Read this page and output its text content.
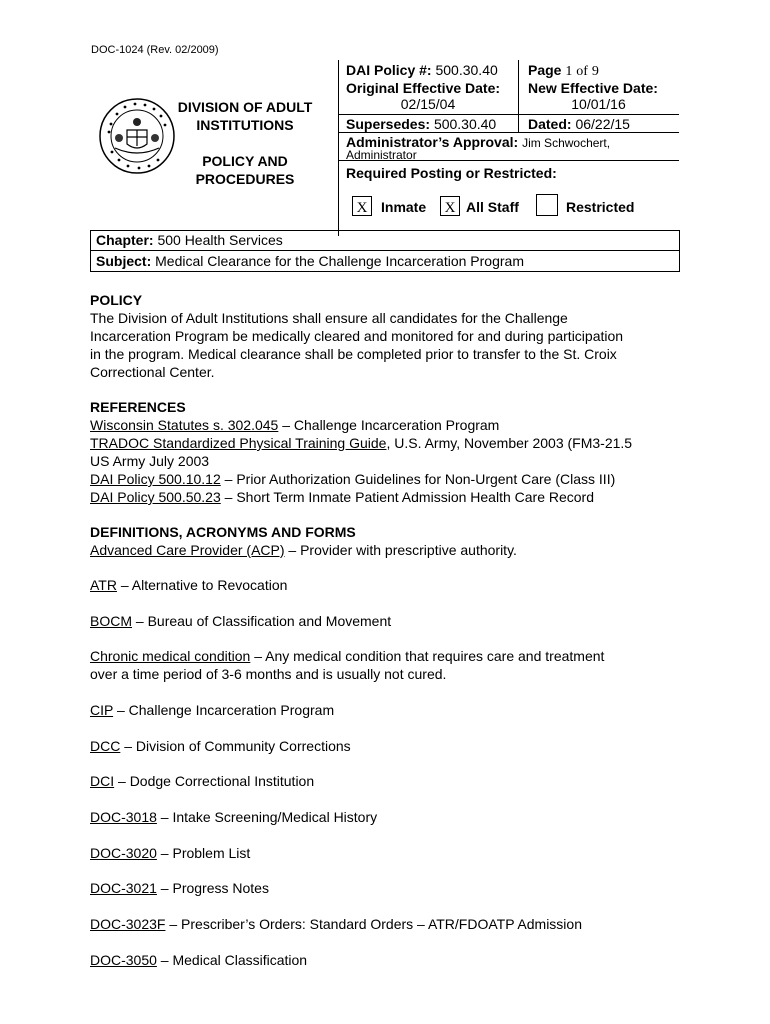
DOC-1024 (Rev. 02/2009)
DIVISION OF ADULT
INSTITUTIONS
POLICY AND
PROCEDURES
DAI Policy #: 500.30.40 Page 1 of 9
Original Effective Date: New Effective Date:
02/15/04	10/01/16
Supersedes: 500.30.40 Dated: 06/22/15
Administrator’s Approval: Jim Schwochert,
Administrator
Required Posting or Restricted:
X Inmate	X All Staff	Restricted
Chapter: 500 Health Services
Subject: Medical Clearance for the Challenge Incarceration Program
POLICY
The Division of Adult Institutions shall ensure all candidates for the Challenge
Incarceration Program be medically cleared and monitored for and during participation
in the program. Medical clearance shall be completed prior to transfer to the St. Croix
Correctional Center.
REFERENCES
Wisconsin Statutes s. 302.045 – Challenge Incarceration Program
TRADOC Standardized Physical Training Guide, U.S. Army, November 2003 (FM3-21.5
US Army July 2003
DAI Policy 500.10.12 – Prior Authorization Guidelines for Non-Urgent Care (Class III)
DAI Policy 500.50.23 – Short Term Inmate Patient Admission Health Care Record
DEFINITIONS, ACRONYMS AND FORMS
Advanced Care Provider (ACP) – Provider with prescriptive authority.
ATR – Alternative to Revocation
BOCM – Bureau of Classification and Movement
Chronic medical condition – Any medical condition that requires care and treatment
over a time period of 3-6 months and is usually not cured.
CIP – Challenge Incarceration Program
DCC – Division of Community Corrections
DCI – Dodge Correctional Institution
DOC-3018 – Intake Screening/Medical History
DOC-3020 – Problem List
DOC-3021 – Progress Notes
DOC-3023F – Prescriber’s Orders: Standard Orders – ATR/FDOATP Admission
DOC-3050 – Medical Classification
